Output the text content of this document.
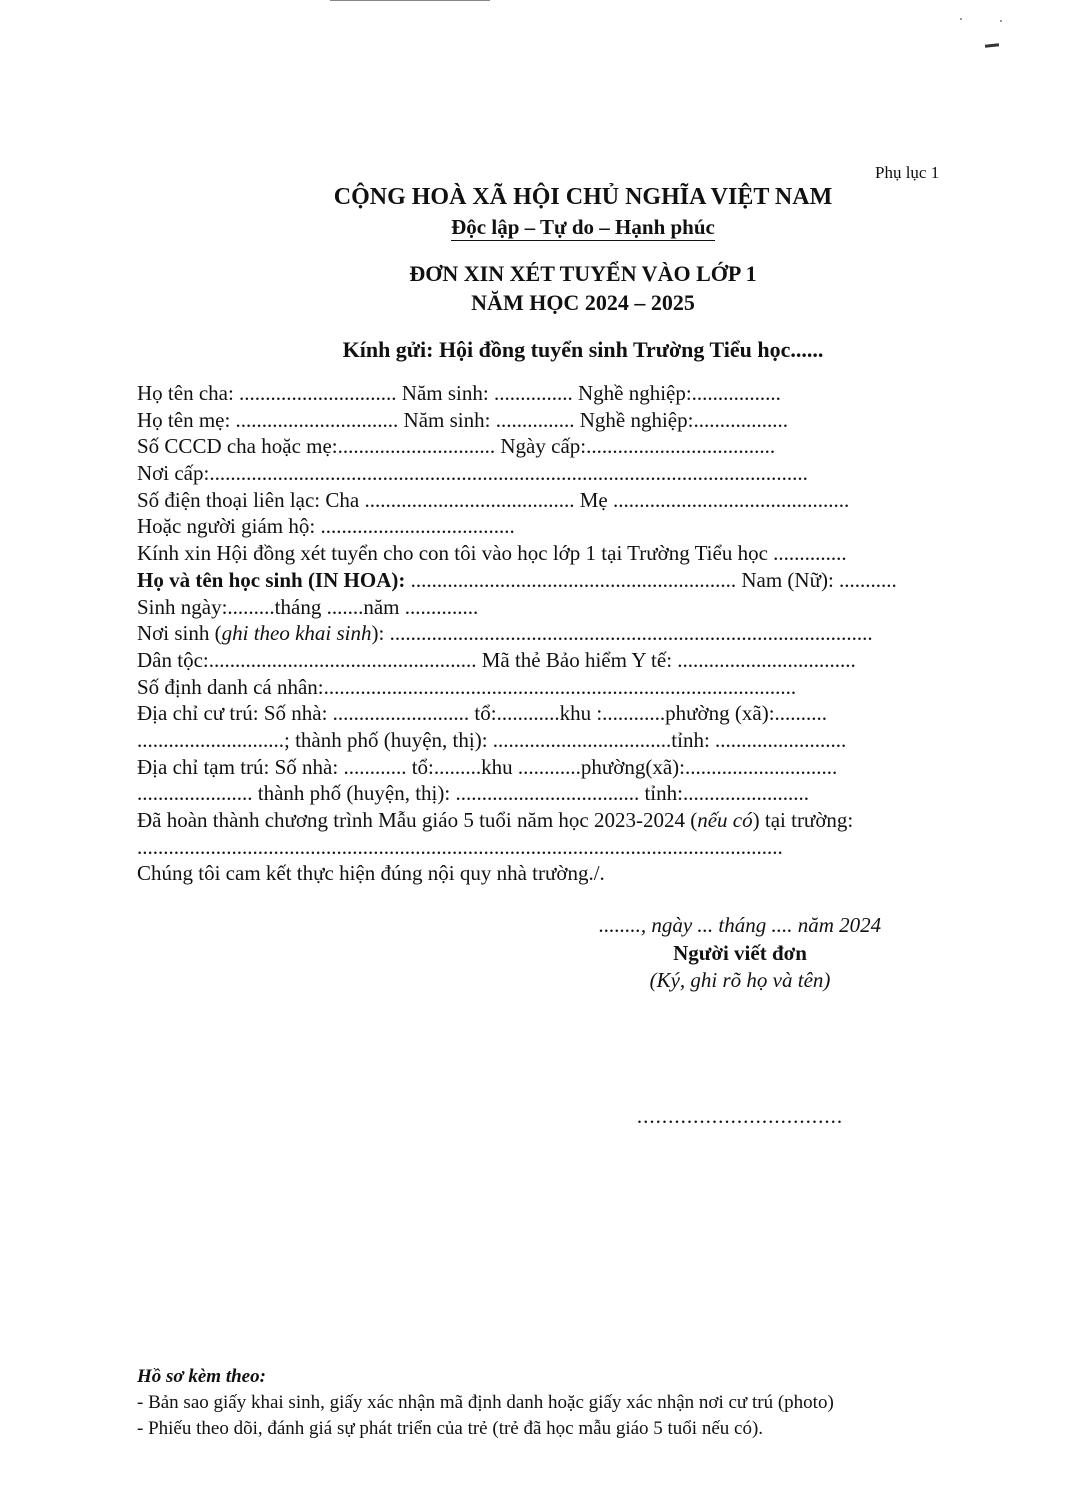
Phụ lục 1
CỘNG HOÀ XÃ HỘI CHỦ NGHĨA VIỆT NAM
Độc lập – Tự do – Hạnh phúc
ĐƠN XIN XÉT TUYỂN VÀO LỚP 1
NĂM HỌC 2024 – 2025
Kính gửi: Hội đồng tuyển sinh Trường Tiểu học......
Họ tên cha: .............................. Năm sinh: ............... Nghề nghiệp:.................
Họ tên mẹ: ............................... Năm sinh: ............... Nghề nghiệp:..................
Số CCCD cha hoặc mẹ:.............................. Ngày cấp:....................................
Nơi cấp:..................................................................................................................
Số điện thoại liên lạc: Cha ........................................ Mẹ .............................................
Hoặc người giám hộ: .....................................
Kính xin Hội đồng xét tuyển cho con tôi vào học lớp 1 tại Trường Tiểu học ..............
Họ và tên học sinh (IN HOA): .............................................................. Nam (Nữ): ...........
Sinh ngày:.........tháng .......năm ..............
Nơi sinh (ghi theo khai sinh): ............................................................................................
Dân tộc:................................................... Mã thẻ Bảo hiểm Y tế: ..................................
Số định danh cá nhân:..........................................................................................
Địa chỉ cư trú: Số nhà: .......................... tổ:............khu :............phường (xã):..........
............................; thành phố (huyện, thị): ..................................tỉnh: .........................
Địa chỉ tạm trú: Số nhà: ............ tổ:.........khu ............phường(xã):.............................
...................... thành phố (huyện, thị): ................................... tỉnh:........................
Đã hoàn thành chương trình Mẫu giáo 5 tuổi năm học 2023-2024 (nếu có) tại trường:
...........................................................................................................................
Chúng tôi cam kết thực hiện đúng nội quy nhà trường./.
........, ngày ... tháng .... năm 2024
Người viết đơn
(Ký, ghi rõ họ và tên)
.................................
Hồ sơ kèm theo:
- Bản sao giấy khai sinh, giấy xác nhận mã định danh hoặc giấy xác nhận nơi cư trú (photo)
- Phiếu theo dõi, đánh giá sự phát triển của trẻ (trẻ đã học mẫu giáo 5 tuổi nếu có).
